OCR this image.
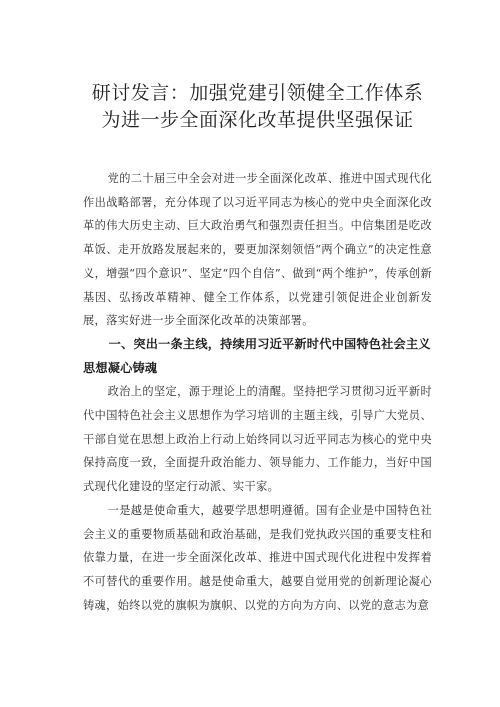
研讨发言：加强党建引领健全工作体系
为进一步全面深化改革提供坚强保证

党的二十届三中全会对进一步全面深化改革、推进中国式现代化作出战略部署，充分体现了以习近平同志为核心的党中央全面深化改革的伟大历史主动、巨大政治勇气和强烈责任担当。中信集团是吃改革饭、走开放路发展起来的，要更加深刻领悟“两个确立”的决定性意义，增强“四个意识”、坚定“四个自信”、做到“两个维护”，传承创新基因、弘扬改革精神、健全工作体系，以党建引领促进企业创新发展，落实好进一步全面深化改革的决策部署。

一、突出一条主线，持续用习近平新时代中国特色社会主义思想凝心铸魂

政治上的坚定，源于理论上的清醒。坚持把学习贯彻习近平新时代中国特色社会主义思想作为学习培训的主题主线，引导广大党员、干部自觉在思想上政治上行动上始终同以习近平同志为核心的党中央保持高度一致，全面提升政治能力、领导能力、工作能力，当好中国式现代化建设的坚定行动派、实干家。

一是越是使命重大，越要学思想明遵循。国有企业是中国特色社会主义的重要物质基础和政治基础，是我们党执政兴国的重要支柱和依靠力量，在进一步全面深化改革、推进中国式现代化进程中发挥着不可替代的重要作用。越是使命重大，越要自觉用党的创新理论凝心铸魂，始终以党的旗帜为旗帜、以党的方向为方向、以党的意志为意
